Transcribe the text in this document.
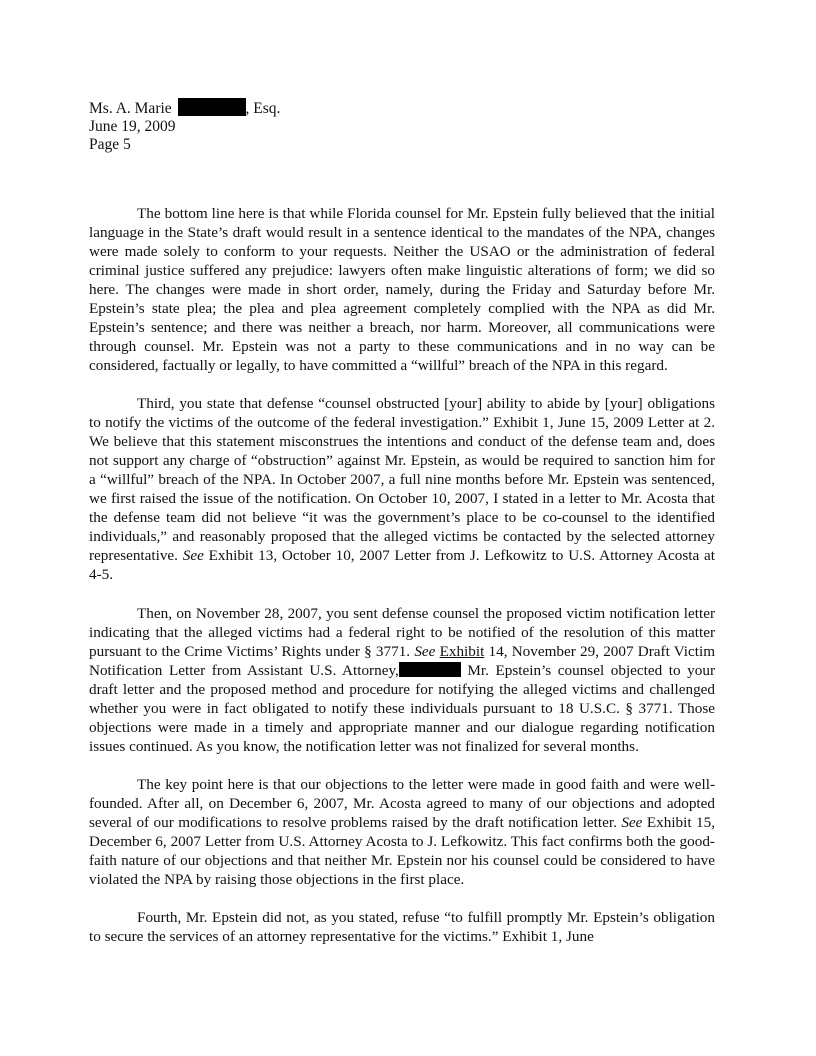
Ms. A. Marie	, Esq.
June 19, 2009
Page 5

The bottom line here is that while Florida counsel for Mr. Epstein fully believed that the initial language in the State’s draft would result in a sentence identical to the mandates of the NPA, changes were made solely to conform to your requests. Neither the USAO or the administration of federal criminal justice suffered any prejudice: lawyers often make linguistic alterations of form; we did so here. The changes were made in short order, namely, during the Friday and Saturday before Mr. Epstein’s state plea; the plea and plea agreement completely complied with the NPA as did Mr. Epstein’s sentence; and there was neither a breach, nor harm. Moreover, all communications were through counsel. Mr. Epstein was not a party to these communications and in no way can be considered, factually or legally, to have committed a “willful” breach of the NPA in this regard.

Third, you state that defense “counsel obstructed [your] ability to abide by [your] obligations to notify the victims of the outcome of the federal investigation.” Exhibit 1, June 15, 2009 Letter at 2. We believe that this statement misconstrues the intentions and conduct of the defense team and, does not support any charge of “obstruction” against Mr. Epstein, as would be required to sanction him for a “willful” breach of the NPA. In October 2007, a full nine months before Mr. Epstein was sentenced, we first raised the issue of the notification. On October 10, 2007, I stated in a letter to Mr. Acosta that the defense team did not believe “it was the government’s place to be co-counsel to the identified individuals,” and reasonably proposed that the alleged victims be contacted by the selected attorney representative. See Exhibit 13, October 10, 2007 Letter from J. Lefkowitz to U.S. Attorney Acosta at 4-5.

Then, on November 28, 2007, you sent defense counsel the proposed victim notification letter indicating that the alleged victims had a federal right to be notified of the resolution of this matter pursuant to the Crime Victims’ Rights under § 3771. See Exhibit 14, November 29, 2007 Draft Victim Notification Letter from Assistant U.S. Attorney,	Mr. Epstein’s counsel objected to your draft letter and the proposed method and procedure for notifying the alleged victims and challenged whether you were in fact obligated to notify these individuals pursuant to 18 U.S.C. § 3771. Those objections were made in a timely and appropriate manner and our dialogue regarding notification issues continued. As you know, the notification letter was not finalized for several months.

The key point here is that our objections to the letter were made in good faith and were well-founded. After all, on December 6, 2007, Mr. Acosta agreed to many of our objections and adopted several of our modifications to resolve problems raised by the draft notification letter. See Exhibit 15, December 6, 2007 Letter from U.S. Attorney Acosta to J. Lefkowitz. This fact confirms both the good-faith nature of our objections and that neither Mr. Epstein nor his counsel could be considered to have violated the NPA by raising those objections in the first place.

Fourth, Mr. Epstein did not, as you stated, refuse “to fulfill promptly Mr. Epstein’s obligation to secure the services of an attorney representative for the victims.” Exhibit 1, June
